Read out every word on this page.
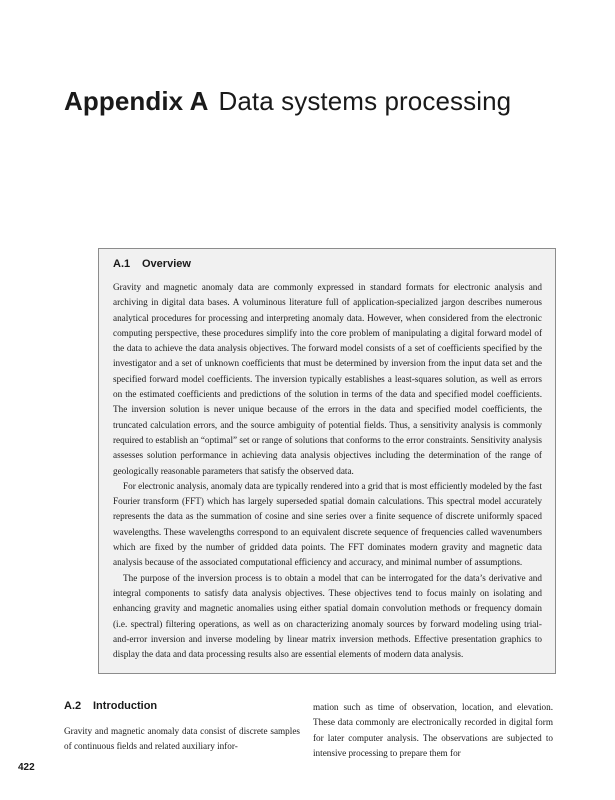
Appendix A Data systems processing
A.1 Overview

Gravity and magnetic anomaly data are commonly expressed in standard formats for electronic analysis and archiving in digital data bases. A voluminous literature full of application-specialized jargon describes numerous analytical procedures for processing and interpreting anomaly data. However, when considered from the electronic computing perspective, these procedures simplify into the core problem of manipulating a digital forward model of the data to achieve the data analysis objectives. The forward model consists of a set of coefficients specified by the investigator and a set of unknown coefficients that must be determined by inversion from the input data set and the specified forward model coefficients. The inversion typically establishes a least-squares solution, as well as errors on the estimated coefficients and predictions of the solution in terms of the data and specified model coefficients. The inversion solution is never unique because of the errors in the data and specified model coefficients, the truncated calculation errors, and the source ambiguity of potential fields. Thus, a sensitivity analysis is commonly required to establish an “optimal” set or range of solutions that conforms to the error constraints. Sensitivity analysis assesses solution performance in achieving data analysis objectives including the determination of the range of geologically reasonable parameters that satisfy the observed data.

For electronic analysis, anomaly data are typically rendered into a grid that is most efficiently modeled by the fast Fourier transform (FFT) which has largely superseded spatial domain calculations. This spectral model accurately represents the data as the summation of cosine and sine series over a finite sequence of discrete uniformly spaced wavelengths. These wavelengths correspond to an equivalent discrete sequence of frequencies called wavenumbers which are fixed by the number of gridded data points. The FFT dominates modern gravity and magnetic data analysis because of the associated computational efficiency and accuracy, and minimal number of assumptions.

The purpose of the inversion process is to obtain a model that can be interrogated for the data’s derivative and integral components to satisfy data analysis objectives. These objectives tend to focus mainly on isolating and enhancing gravity and magnetic anomalies using either spatial domain convolution methods or frequency domain (i.e. spectral) filtering operations, as well as on characterizing anomaly sources by forward modeling using trial-and-error inversion and inverse modeling by linear matrix inversion methods. Effective presentation graphics to display the data and data processing results also are essential elements of modern data analysis.

A.2 Introduction

Gravity and magnetic anomaly data consist of discrete samples of continuous fields and related auxiliary infor-

mation such as time of observation, location, and elevation. These data commonly are electronically recorded in digital form for later computer analysis. The observations are subjected to intensive processing to prepare them for

422
